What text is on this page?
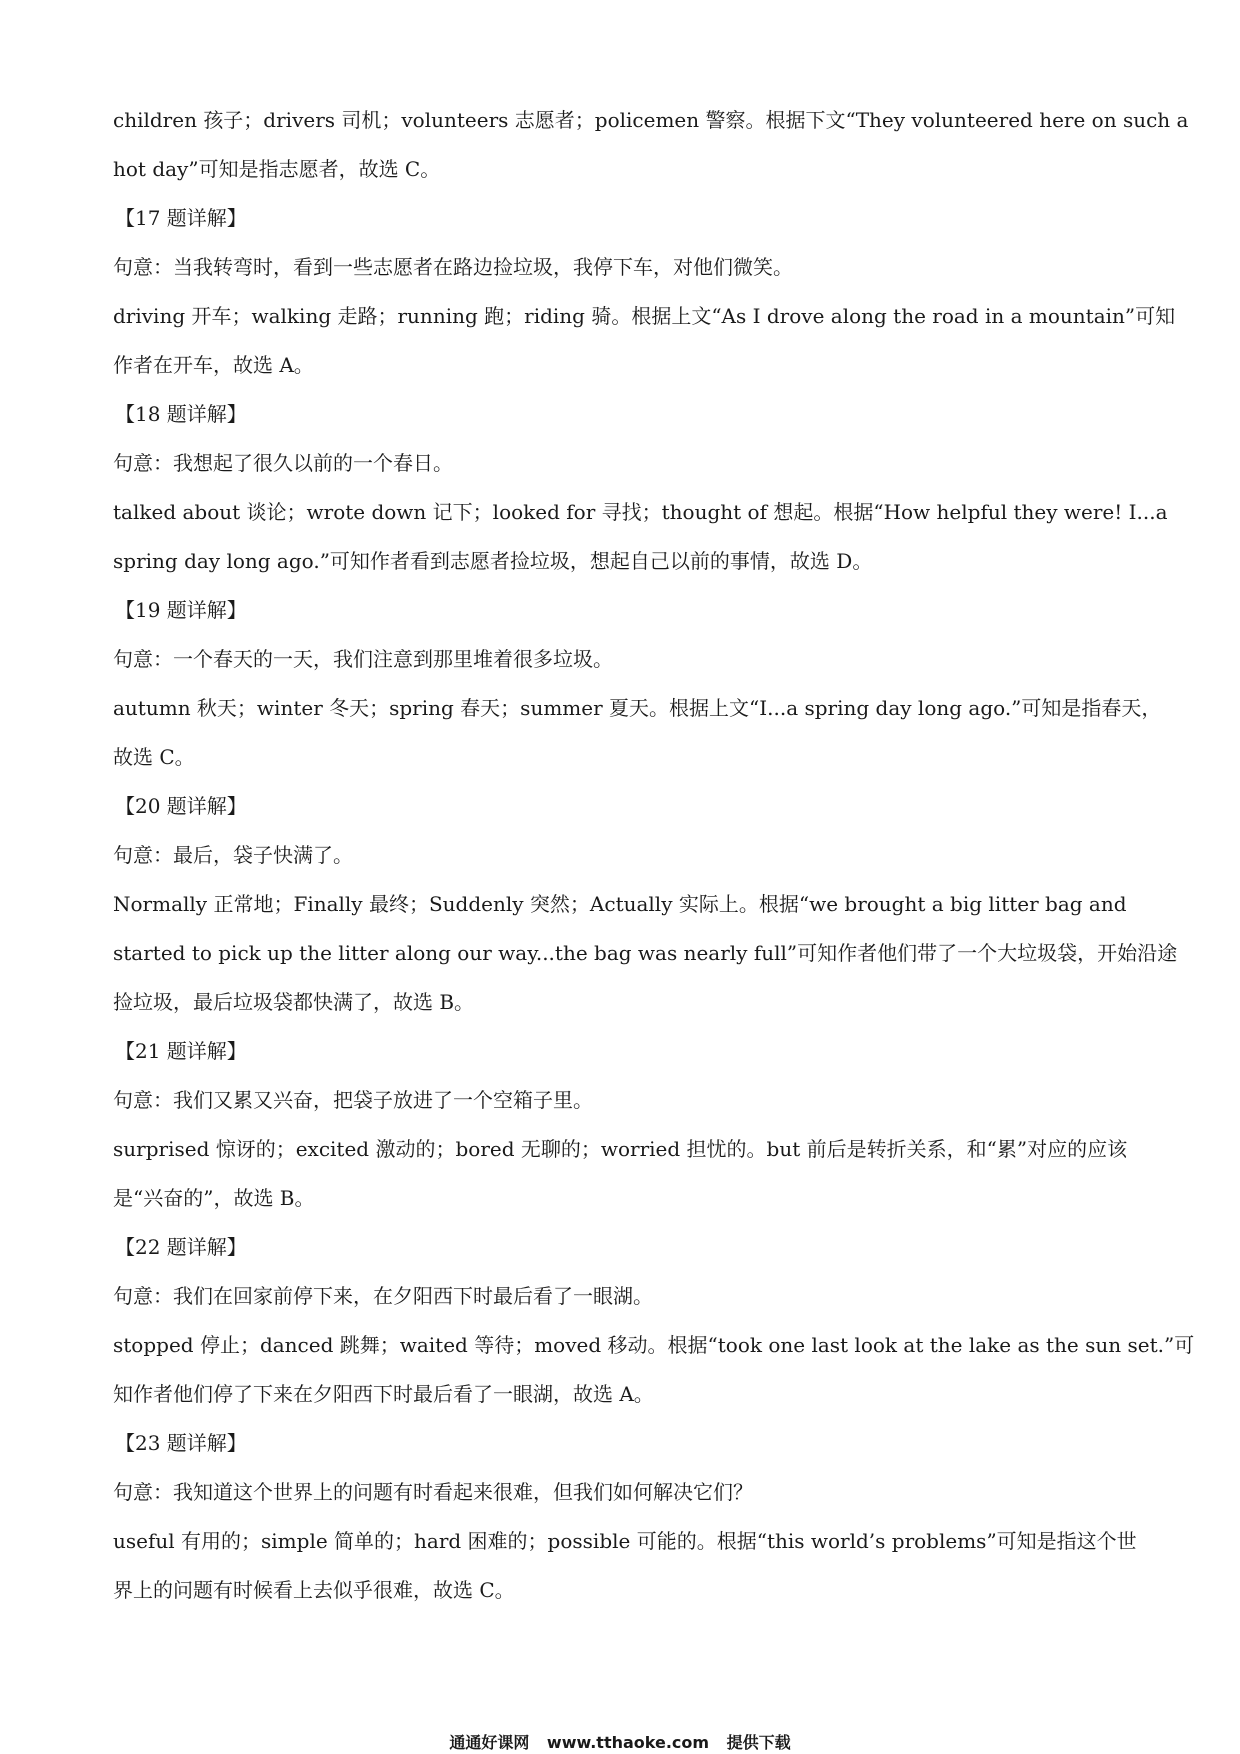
children 孩子；drivers 司机；volunteers 志愿者；policemen 警察。根据下文“They volunteered here on such a
hot day”可知是指志愿者，故选 C。
【17 题详解】
句意：当我转弯时，看到一些志愿者在路边捡垃圾，我停下车，对他们微笑。
driving 开车；walking 走路；running 跑；riding 骑。根据上文“As I drove along the road in a mountain”可知
作者在开车，故选 A。
【18 题详解】
句意：我想起了很久以前的一个春日。
talked about 谈论；wrote down 记下；looked for 寻找；thought of 想起。根据“How helpful they were! I...a
spring day long ago.”可知作者看到志愿者捡垃圾，想起自己以前的事情，故选 D。
【19 题详解】
句意：一个春天的一天，我们注意到那里堆着很多垃圾。
autumn 秋天；winter 冬天；spring 春天；summer 夏天。根据上文“I...a spring day long ago.”可知是指春天，
故选 C。
【20 题详解】
句意：最后，袋子快满了。
Normally 正常地；Finally 最终；Suddenly 突然；Actually 实际上。根据“we brought a big litter bag and
started to pick up the litter along our way...the bag was nearly full”可知作者他们带了一个大垃圾袋，开始沿途
捡垃圾，最后垃圾袋都快满了，故选 B。
【21 题详解】
句意：我们又累又兴奋，把袋子放进了一个空箱子里。
surprised 惊讶的；excited 激动的；bored 无聊的；worried 担忧的。but 前后是转折关系，和“累”对应的应该
是“兴奋的”，故选 B。
【22 题详解】
句意：我们在回家前停下来，在夕阳西下时最后看了一眼湖。
stopped 停止；danced 跳舞；waited 等待；moved 移动。根据“took one last look at the lake as the sun set.”可
知作者他们停了下来在夕阳西下时最后看了一眼湖，故选 A。
【23 题详解】
句意：我知道这个世界上的问题有时看起来很难，但我们如何解决它们？
useful 有用的；simple 简单的；hard 困难的；possible 可能的。根据“this world’s problems”可知是指这个世
界上的问题有时候看上去似乎很难，故选 C。
通通好课网 www.tthaoke.com 提供下载
